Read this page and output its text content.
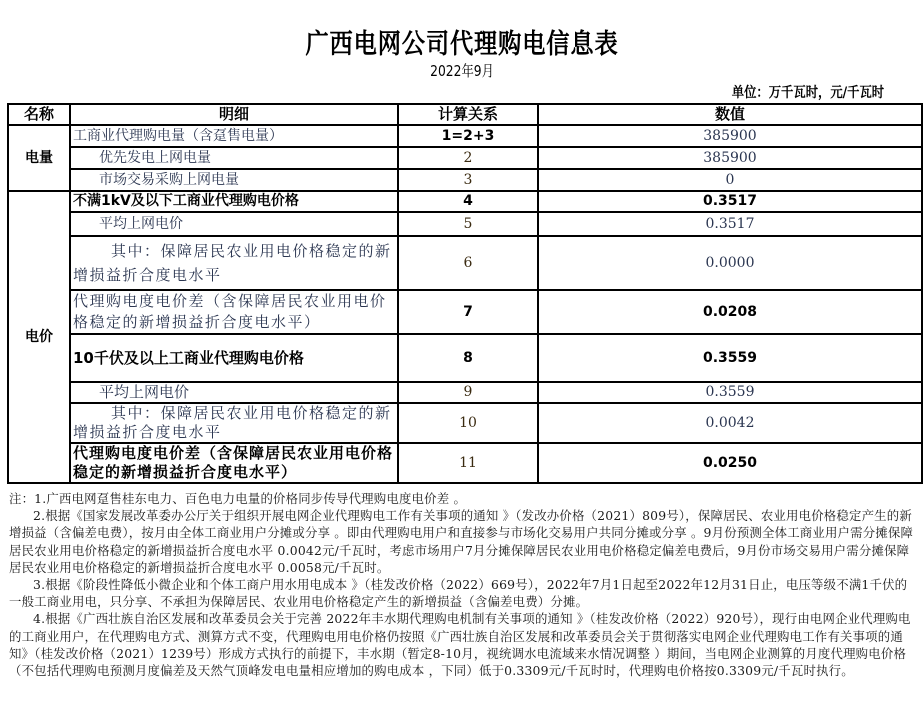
广西电网公司代理购电信息表
2022年9月
单位：万千瓦时，元/千瓦时
名称	明细	计算关系	数值
电量	工商业代理购电量（含趸售电量）	1=2+3	385900
	优先发电上网电量	2	385900
	市场交易采购上网电量	3	0
电价	不满1kV及以下工商业代理购电价格	4	0.3517
	平均上网电价	5	0.3517
	其中：保障居民农业用电价格稳定的新增损益折合度电水平	6	0.0000
	代理购电度电价差（含保障居民农业用电价格稳定的新增损益折合度电水平）	7	0.0208
	10千伏及以上工商业代理购电价格	8	0.3559
	平均上网电价	9	0.3559
	其中：保障居民农业用电价格稳定的新增损益折合度电水平	10	0.0042
	代理购电度电价差（含保障居民农业用电价格稳定的新增损益折合度电水平）	11	0.0250

注：1.广西电网趸售桂东电力、百色电力电量的价格同步传导代理购电度电价差 。

2.根据《国家发展改革委办公厅关于组织开展电网企业代理购电工作有关事项的通知 》（发改办价格（2021）809号），保障居民、农业用电价格稳定产生的新增损益（含偏差电费），按月由全体工商业用户分摊或分享 。即由代理购电用户和直接参与市场化交易用户共同分摊或分享 。9月份预测全体工商业用户需分摊保障居民农业用电价格稳定的新增损益折合度电水平 0.0042元/千瓦时，考虑市场用户7月分摊保障居民农业用电价格稳定偏差电费后，9月份市场交易用户需分摊保障居民农业用电价格稳定的新增损益折合度电水平 0.0058元/千瓦时。

3.根据《阶段性降低小微企业和个体工商户用水用电成本 》（桂发改价格（2022）669号），2022年7月1日起至2022年12月31日止，电压等级不满1千伏的一般工商业用电，只分享、不承担为保障居民、农业用电价格稳定产生的新增损益（含偏差电费）分摊。

4.根据《广西壮族自治区发展和改革委员会关于完善 2022年丰水期代理购电机制有关事项的通知 》（桂发改价格（2022）920号），现行由电网企业代理购电的工商业用户，在代理购电方式、测算方式不变，代理购电用电价格仍按照《广西壮族自治区发展和改革委员会关于贯彻落实电网企业代理购电工作有关事项的通知》（桂发改价格（2021）1239号）形成方式执行的前提下，丰水期（暂定8-10月，视统调水电流域来水情况调整 ）期间，当电网企业测算的月度代理购电价格 （不包括代理购电预测月度偏差及天然气顶峰发电电量相应增加的购电成本 ，下同）低于0.3309元/千瓦时时，代理购电价格按0.3309元/千瓦时执行。
